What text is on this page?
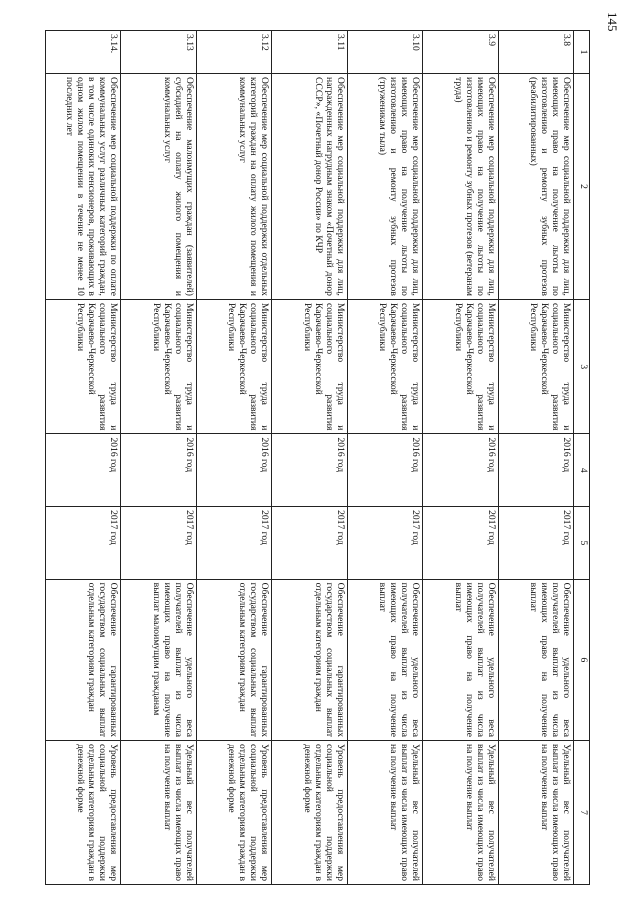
145
1	2	3	4	5	6	7
3.8	Обеспечение мер социальной поддержки для лиц, имеющих право на получение льготы по изготовлению и ремонту зубных протезов (реабилитированных)	Министерство труда и социального развития Карачаево-Черкесской Республики	2016 год	2017 год	Обеспечение удельного веса получателей выплат из числа имеющих право на получение выплат	Удельный вес получателей выплат из числа имеющих право на получение выплат
3.9	Обеспечение мер социальной поддержки для лиц, имеющих право на получение льготы по изготовлению и ремонту зубных протезов (ветеранам труда)	Министерство труда и социального развития Карачаево-Черкесской Республики	2016 год	2017 год	Обеспечение удельного веса получателей выплат из числа имеющих право на получение выплат	Удельный вес получателей выплат из числа имеющих право на получение выплат
3.10	Обеспечение мер социальной поддержки для лиц, имеющих право на получение льготы по изготовлению и ремонту зубных протезов (труженикам тыла)	Министерство труда и социального развития Карачаево-Черкесской Республики	2016 год	2017 год	Обеспечение удельного веса получателей выплат из числа имеющих право на получение выплат	Удельный вес получателей выплат из числа имеющих право на получение выплат
3.11	Обеспечение мер социальной поддержки для лиц, награжденных нагрудным знаком «Почетный донор СССР», «Почетный донор России» по КЧР	Министерство труда и социального развития Карачаево-Черкесской Республики	2016 год	2017 год	Обеспечение гарантированных государством социальных выплат отдельным категориям граждан	Уровень предоставления мер социальной поддержки отдельным категориям граждан в денежной форме
3.12	Обеспечение мер социальной поддержки отдельных категорий граждан на оплату жилого помещения и коммунальных услуг	Министерство труда и социального развития Карачаево-Черкесской Республики	2016 год	2017 год	Обеспечение гарантированных государством социальных выплат отдельным категориям граждан	Уровень предоставления мер социальной поддержки отдельным категориям граждан в денежной форме
3.13	Обеспечение малоимущих граждан (заявителей) субсидией на оплату жилого помещения и коммунальных услуг	Министерство труда и социального развития Карачаево-Черкесской Республики	2016 год	2017 год	Обеспечение удельного веса получателей выплат из числа имеющих право на получение выплат малоимущим гражданам	Удельный вес получателей выплат из числа имеющих право на получение выплат
3.14.	Обеспечение мер социальной поддержки по оплате коммунальных услуг различных категорий граждан, в том числе одиноких пенсионеров, проживающих в одном жилом помещении в течение не менее 10 последних лет	Министерство труда и социального развития Карачаево-Черкесской Республики	2016 год	2017 год	Обеспечение гарантированных государством социальных выплат отдельным категориям граждан	Уровень предоставления мер социальной поддержки отдельным категориям граждан в денежной форме
